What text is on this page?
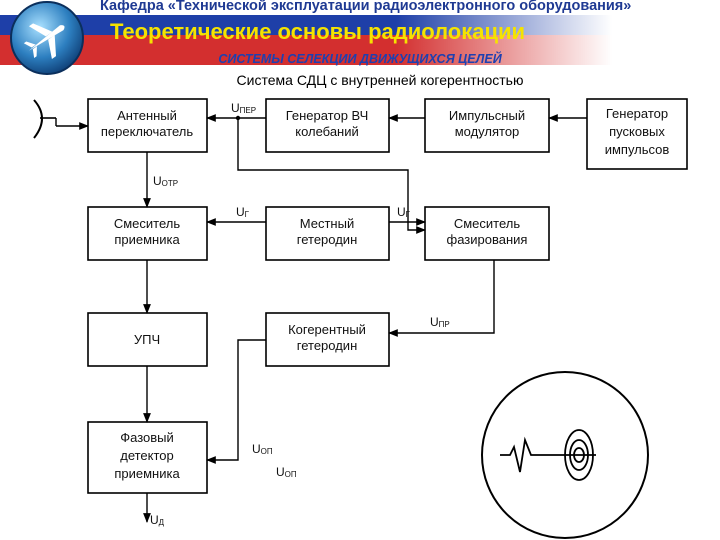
Кафедра «Технической эксплуатации радиоэлектронного оборудования»
Теоретические основы радиолокации
СИСТЕМЫ СЕЛЕКЦИИ ДВИЖУЩИХСЯ ЦЕЛЕЙ
Система СДЦ с внутренней когерентностью
Антенный
переключатель
Генератор ВЧ
колебаний
Импульсный
модулятор
Генератор
пусковых
импульсов
Смеситель
приемника
Местный
гетеродин
Смеситель
фазирования
УПЧ
Когерентный
гетеродин
Фазовый
детектор
приемника
UПЕР
UОТР
UГ	UГ
UПР
UОП
UОП
UД
